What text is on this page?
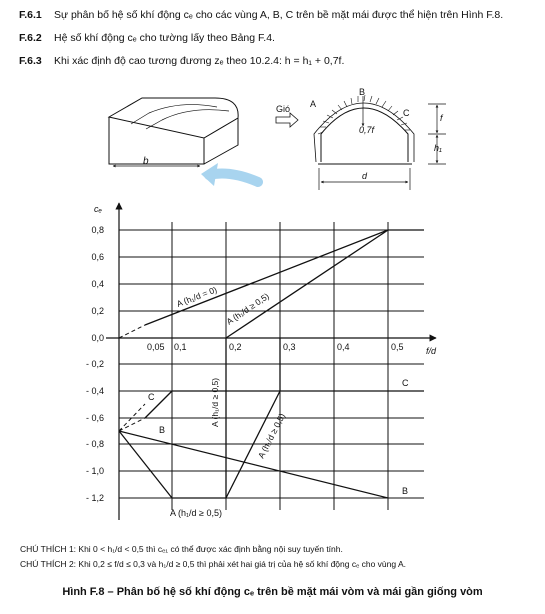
F.6.1 Sự phân bố hệ số khí động cₑ cho các vùng A, B, C trên bề mặt mái được thể hiện trên Hình F.8.
F.6.2 Hệ số khí động cₑ cho tường lấy theo Bảng F.4.
F.6.3 Khi xác định độ cao tương đương zₑ theo 10.2.4: h = h₁ + 0,7f.
b
Gió A
B
C
0,7f
f
h₁
d
cₑ
f/d
0,8
0,6
0,4
0,2
0,0
- 0,2
- 0,4
- 0,6
- 0,8
- 1,0
- 1,2
0,05 0,1	0,2	0,3	0,4	0,5
A (h₁/d = 0) A (h₁/d ≥ 0,5)
A (h₁/d ≥ 0,5)
A (h₁/d ≥ 0,5)
A (h₁/d ≥ 0,5)
C
B
C
B
CHÚ THÍCH 1: Khi 0 < h₁/d < 0,5 thì cₑ₁ có thể được xác định bằng nội suy tuyến tính.
CHÚ THÍCH 2: Khi 0,2 ≤ f/d ≤ 0,3 và h₁/d ≥ 0,5 thì phải xét hai giá trị của hệ số khí động cₑ cho vùng A.
Hình F.8 – Phân bố hệ số khí động cₑ trên bề mặt mái vòm và mái gần giống vòm
